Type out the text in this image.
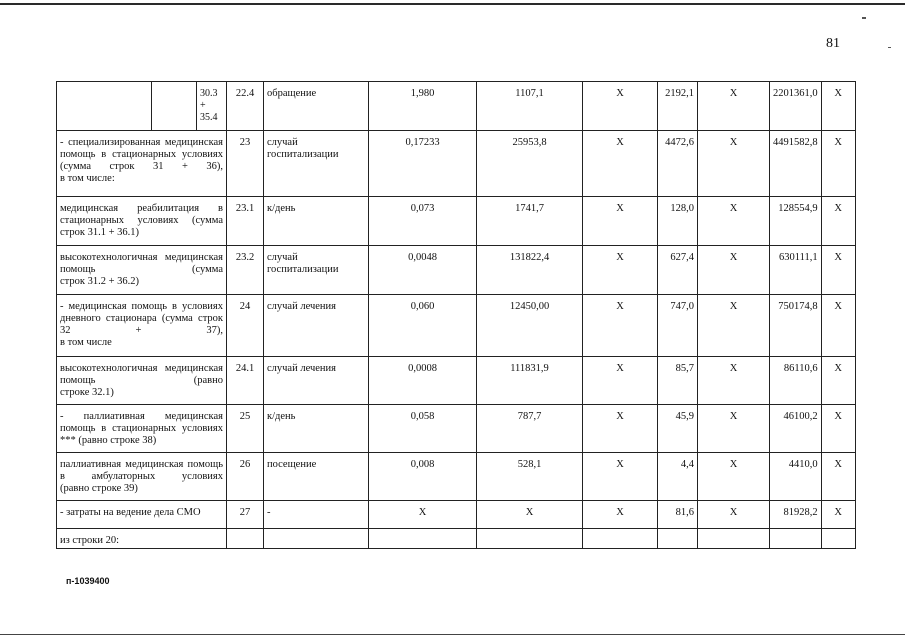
81

		30.3
+
35.4	22.4	обращение	1,980	1107,1	Х	2192,1	Х	2201361,0	Х
- специализированная медицинская помощь в стационарных условиях (сумма строк 31 + 36),
в том числе:			23	случай госпитализации	0,17233	25953,8	Х	4472,6	Х	4491582,8	Х
медицинская реабилитация в стационарных условиях (сумма
строк 31.1 + 36.1)			23.1	к/день	0,073	1741,7	Х	128,0	Х	128554,9	Х
высокотехнологичная медицинская помощь (сумма
строк 31.2 + 36.2)			23.2	случай госпитализации	0,0048	131822,4	Х	627,4	Х	630111,1	Х
- медицинская помощь в условиях дневного стационара (сумма строк 32 + 37),
в том числе			24	случай лечения	0,060	12450,00	Х	747,0	Х	750174,8	Х
высокотехнологичная медицинская помощь (равно
строке 32.1)			24.1	случай лечения	0,0008	111831,9	Х	85,7	Х	86110,6	Х
- паллиативная медицинская помощь в стационарных условиях
*** (равно строке 38)			25	к/день	0,058	787,7	Х	45,9	Х	46100,2	Х
паллиативная медицинская помощь в амбулаторных условиях
(равно строке 39)			26	посещение	0,008	528,1	Х	4,4	Х	4410,0	Х

- затраты на ведение дела СМО			27	-	Х	Х	Х	81,6	Х	81928,2	Х

из строки 20:											

п-1039400
